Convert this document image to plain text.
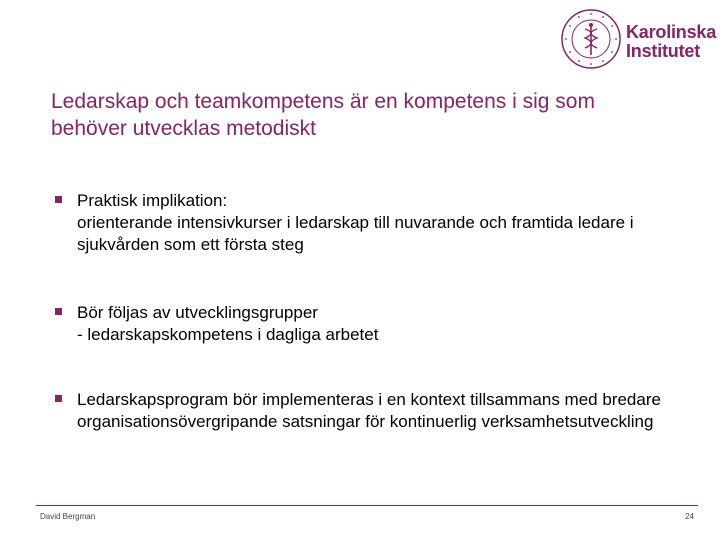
Karolinska
Institutet
Ledarskap och teamkompetens är en kompetens i sig som behöver utvecklas metodiskt
Praktisk implikation:
orienterande intensivkurser i ledarskap till nuvarande och framtida ledare i sjukvården som ett första steg
Bör följas av utvecklingsgrupper
- ledarskapskompetens i dagliga arbetet
Ledarskapsprogram bör implementeras i en kontext tillsammans med bredare organisationsövergripande satsningar för kontinuerlig verksamhetsutveckling
David Bergman	24
